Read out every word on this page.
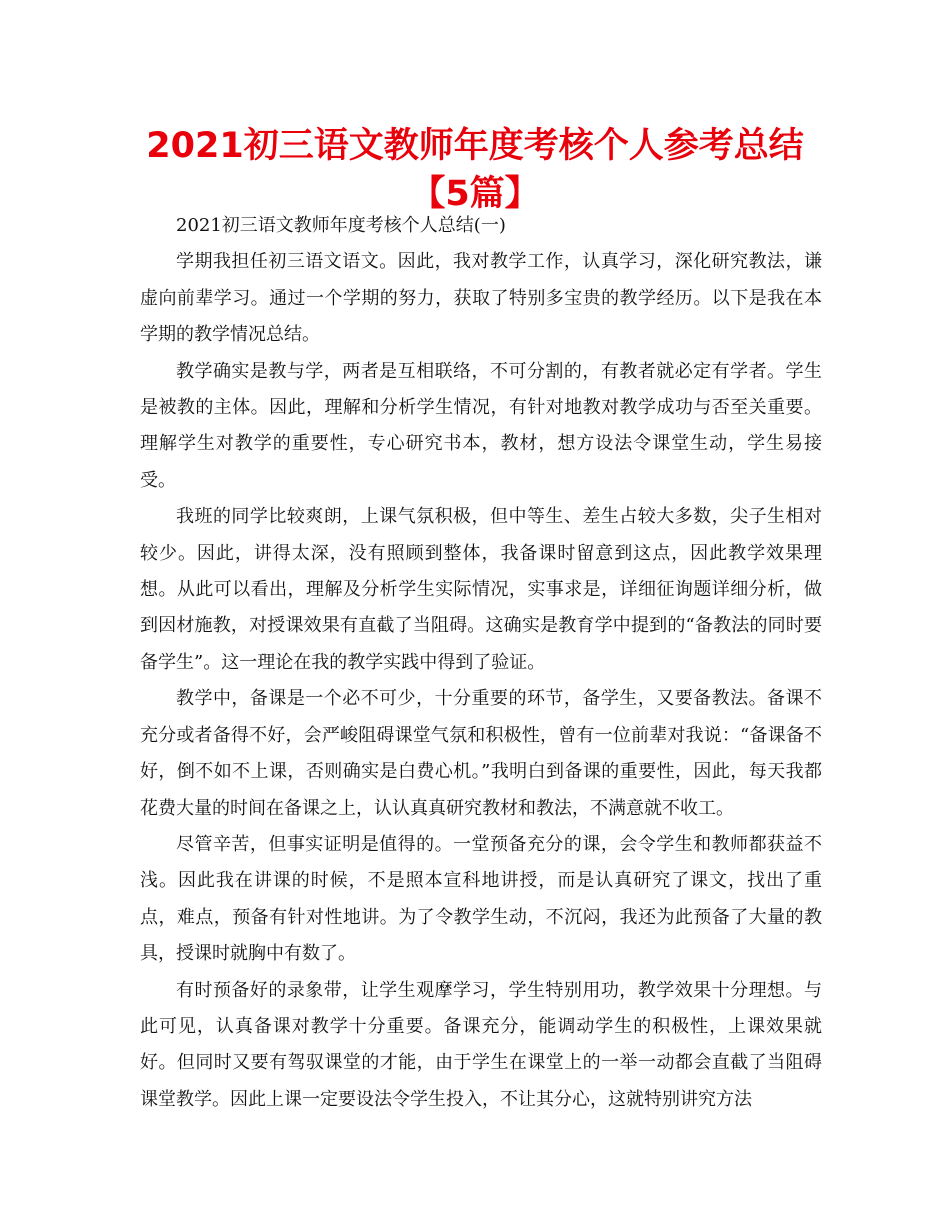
2021初三语文教师年度考核个人参考总结【5篇】

2021初三语文教师年度考核个人总结(一)

学期我担任初三语文语文。因此，我对教学工作，认真学习，深化研究教法，谦虚向前辈学习。通过一个学期的努力，获取了特别多宝贵的教学经历。以下是我在本学期的教学情况总结。

教学确实是教与学，两者是互相联络，不可分割的，有教者就必定有学者。学生是被教的主体。因此，理解和分析学生情况，有针对地教对教学成功与否至关重要。理解学生对教学的重要性，专心研究书本，教材，想方设法令课堂生动，学生易接受。

我班的同学比较爽朗，上课气氛积极，但中等生、差生占较大多数，尖子生相对较少。因此，讲得太深，没有照顾到整体，我备课时留意到这点，因此教学效果理想。从此可以看出，理解及分析学生实际情况，实事求是，详细征询题详细分析，做到因材施教，对授课效果有直截了当阻碍。这确实是教育学中提到的“备教法的同时要备学生”。这一理论在我的教学实践中得到了验证。

教学中，备课是一个必不可少，十分重要的环节，备学生，又要备教法。备课不充分或者备得不好，会严峻阻碍课堂气氛和积极性，曾有一位前辈对我说：“备课备不好，倒不如不上课，否则确实是白费心机。”我明白到备课的重要性，因此，每天我都花费大量的时间在备课之上，认认真真研究教材和教法，不满意就不收工。

尽管辛苦，但事实证明是值得的。一堂预备充分的课，会令学生和教师都获益不浅。因此我在讲课的时候，不是照本宣科地讲授，而是认真研究了课文，找出了重点，难点，预备有针对性地讲。为了令教学生动，不沉闷，我还为此预备了大量的教具，授课时就胸中有数了。

有时预备好的录象带，让学生观摩学习，学生特别用功，教学效果十分理想。与此可见，认真备课对教学十分重要。备课充分，能调动学生的积极性，上课效果就好。但同时又要有驾驭课堂的才能，由于学生在课堂上的一举一动都会直截了当阻碍课堂教学。因此上课一定要设法令学生投入，不让其分心，这就特别讲究方法
